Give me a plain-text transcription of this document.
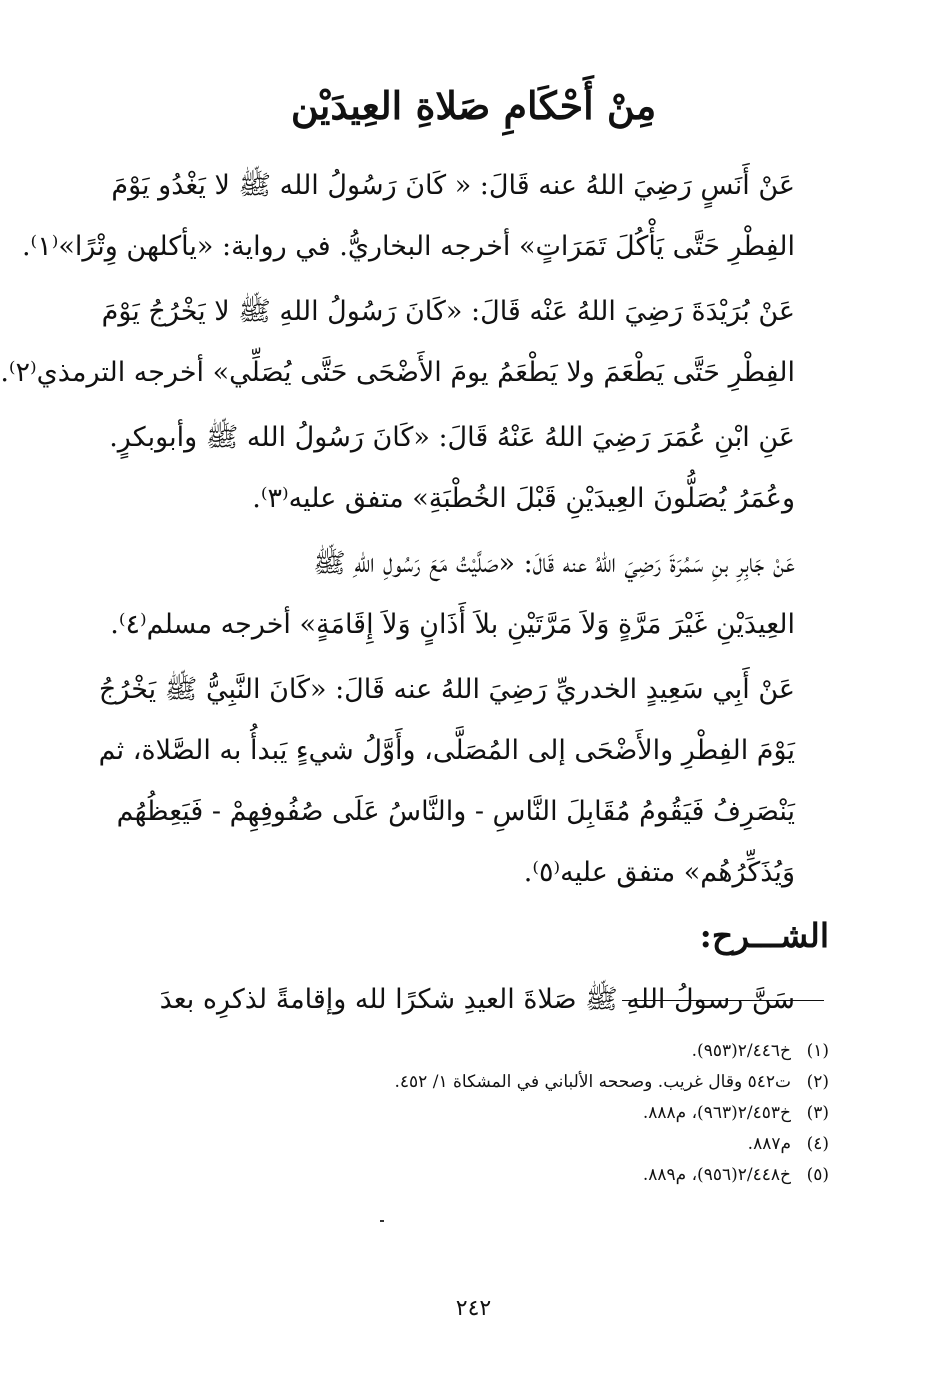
مِنْ أَحْكَامِ صَلاةِ العِيدَيْن

عَنْ أَنَسٍ رَضِيَ اللهُ عنه قَالَ: « كَانَ رَسُولُ الله ﷺ لا يَغْدُو يَوْمَ
الفِطْرِ حَتَّى يَأْكُلَ تَمَرَاتٍ» أخرجه البخاريُّ. في رواية: «يأكلهن وِتْرًا»⁽١⁾.

عَنْ بُرَيْدَةَ رَضِيَ اللهُ عَنْه قَالَ: «كَانَ رَسُولُ اللهِ ﷺ لا يَخْرُجُ يَوْمَ
الفِطْرِ حَتَّى يَطْعَمَ ولا يَطْعَمُ يومَ الأَضْحَى حَتَّى يُصَلِّي» أخرجه الترمذي⁽٢⁾.

عَنِ ابْنِ عُمَرَ رَضِيَ اللهُ عَنْهُ قَالَ: «كَانَ رَسُولُ الله ﷺ وأبوبكرٍ.
وعُمَرُ يُصَلُّونَ العِيدَيْنِ قَبْلَ الخُطْبَةِ» متفق عليه⁽٣⁾.

عَنْ جَابِرِ بنِ سَمُرَةَ رَضِيَ اللهُ عنه قَالَ: «صَلَّيْتُ مَعَ رَسُولِ اللهِ ﷺ
العِيدَيْنِ غَيْرَ مَرَّةٍ وَلاَ مَرَّتَيْنِ بلاَ أَذَانٍ وَلاَ إِقَامَةٍ» أخرجه مسلم⁽٤⁾.

عَنْ أَبِي سَعِيدٍ الخدريِّ رَضِيَ اللهُ عنه قَالَ: «كَانَ النَّبِيُّ ﷺ يَخْرُجُ
يَوْمَ الفِطْرِ والأَضْحَى إلى المُصَلَّى، وأَوَّلُ شيءٍ يَبدأُ به الصَّلاة، ثم
يَنْصَرِفُ فَيَقُومُ مُقَابِلَ النَّاسِ - والنَّاسُ عَلَى صُفُوفِهِمْ - فَيَعِظُهُم
وَيُذَكِّرُهُم» متفق عليه⁽٥⁾.

الشـــرح:

سَنَّ رسولُ اللهِ ﷺ صَلاةَ العيدِ شكرًا لله وإقامةً لذكرِه بعدَ

(١)خ٢/٤٤٦(٩٥٣).
(٢)ت٥٤٢ وقال غريب. وصححه الألباني في المشكاة ١/ ٤٥٢.
(٣)خ٢/٤٥٣(٩٦٣)، م٨٨٨.
(٤)م٨٨٧.
(٥)خ٢/٤٤٨(٩٥٦)، م٨٨٩.
٢٤٢
